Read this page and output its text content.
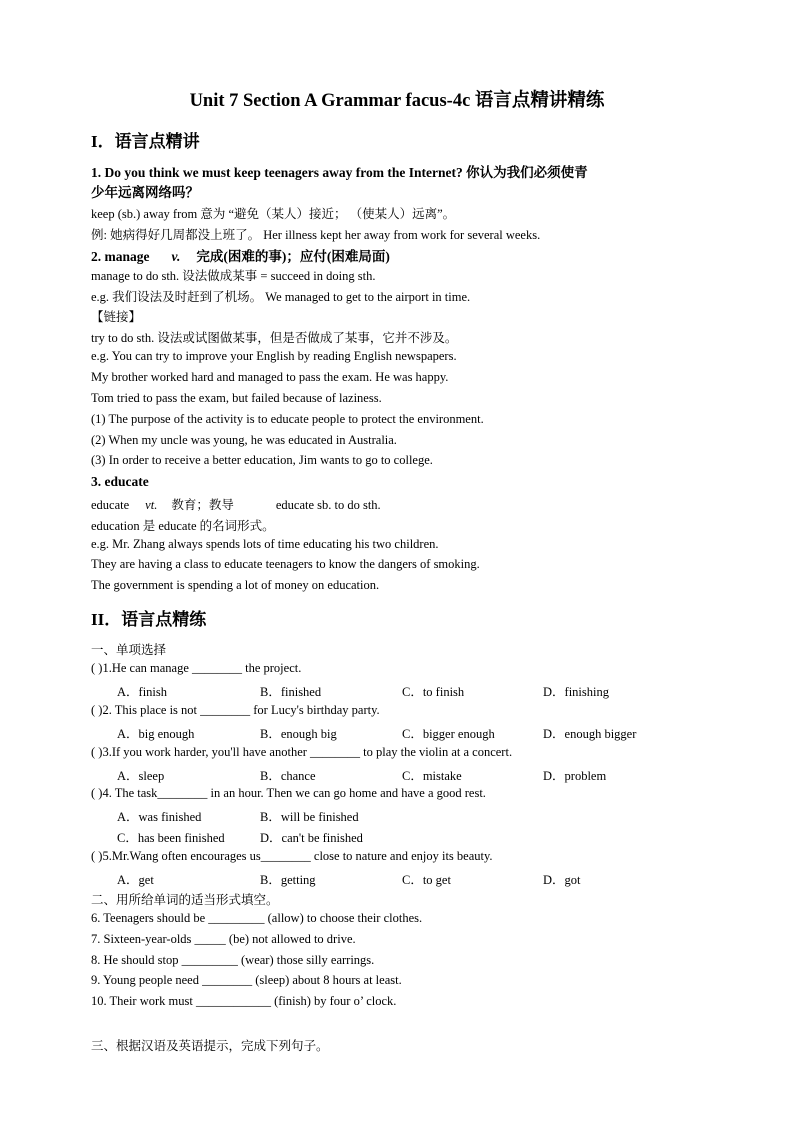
Unit 7 Section A Grammar facus-4c 语言点精讲精练
I．语言点精讲
1. Do you think we must keep teenagers away from the Internet? 你认为我们必须使青
少年远离网络吗？
keep (sb.) away from 意为 “避免（某人）接近； （使某人）远离”。
例: 她病得好几周都没上班了。 Her illness kept her away from work for several weeks.
2. manage v. 完成(困难的事)；应付(困难局面)
manage to do sth. 设法做成某事 = succeed in doing sth.
e.g. 我们设法及时赶到了机场。 We managed to get to the airport in time.
【链接】
try to do sth. 设法或试图做某事，但是否做成了某事，它并不涉及。
e.g. You can try to improve your English by reading English newspapers.
My brother worked hard and managed to pass the exam. He was happy.
Tom tried to pass the exam, but failed because of laziness.
(1) The purpose of the activity is to educate people to protect the environment.
(2) When my uncle was young, he was educated in Australia.
(3) In order to receive a better education, Jim wants to go to college.
3. educate
educate vt. 教育；教导	educate sb. to do sth.
education 是 educate 的名词形式。
e.g. Mr. Zhang always spends lots of time educating his two children.
They are having a class to educate teenagers to know the dangers of smoking.
The government is spending a lot of money on education.
II．语言点精练
一、单项选择
( )1.He can manage ________ the project.
A．finish	B．finished	C．to finish	D．finishing
( )2. This place is not ________ for Lucy's birthday party.
A．big enough	B．enough big	C．bigger enough	D．enough bigger
( )3.If you work harder, you'll have another ________ to play the violin at a concert.
A．sleep	B．chance	C．mistake	D．problem
( )4. The task________ in an hour. Then we can go home and have a good rest.
A．was finished	B．will be finished
C．has been finished	D．can't be finished
( )5.Mr.Wang often encourages us________ close to nature and enjoy its beauty.
A．get	B．getting	C．to get	D．got
二、用所给单词的适当形式填空。
6. Teenagers should be _________ (allow) to choose their clothes.
7. Sixteen-year-olds _____ (be) not allowed to drive.
8. He should stop _________ (wear) those silly earrings.
9. Young people need ________ (sleep) about 8 hours at least.
10. Their work must ____________ (finish) by four o’ clock.
三、根据汉语及英语提示，完成下列句子。
